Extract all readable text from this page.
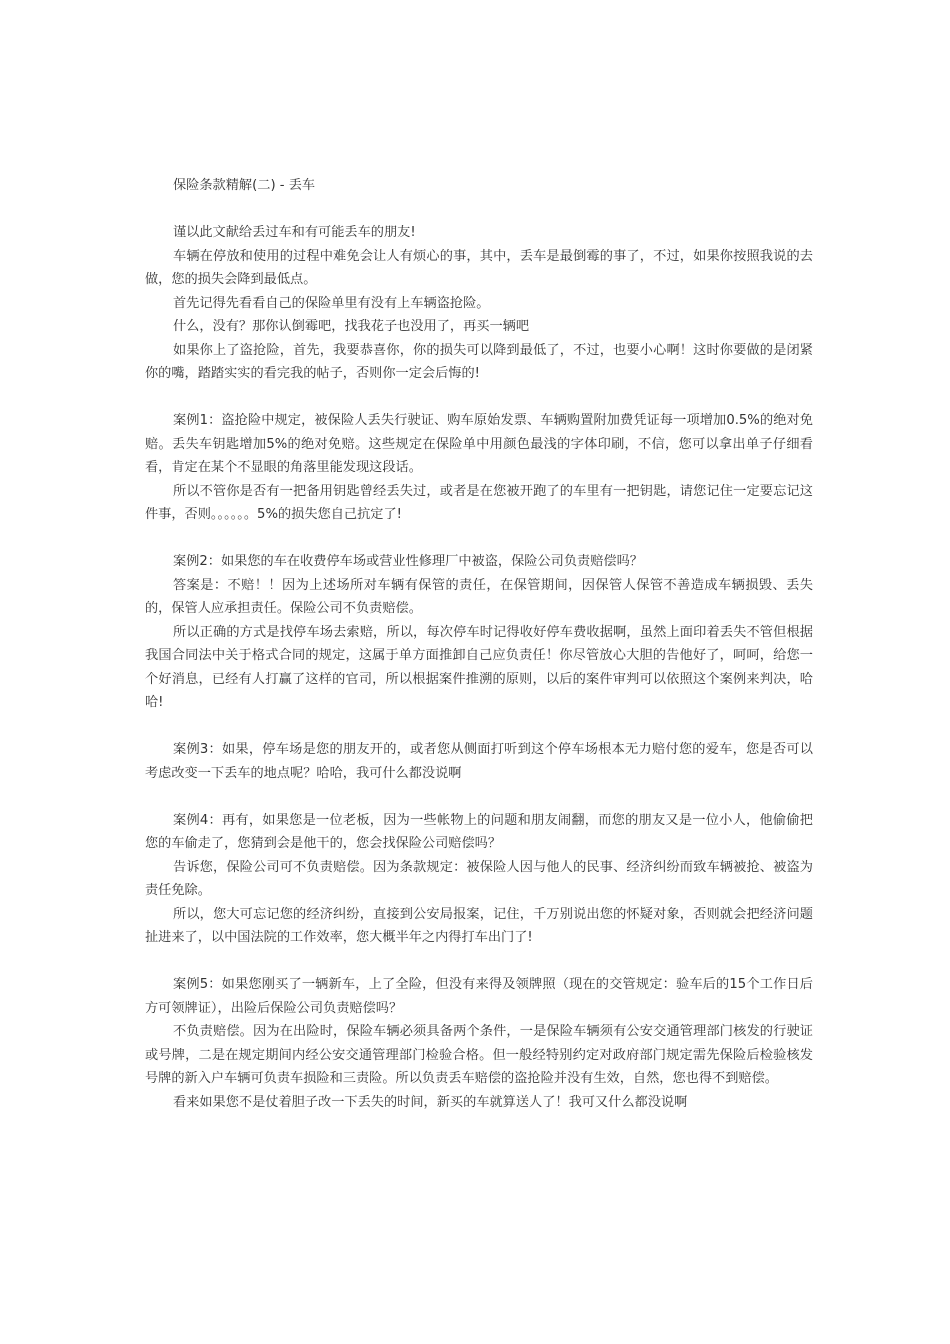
保险条款精解(二) - 丢车

谨以此文献给丢过车和有可能丢车的朋友!

车辆在停放和使用的过程中难免会让人有烦心的事，其中，丢车是最倒霉的事了，不过，如果你按照我说的去做，您的损失会降到最低点。

首先记得先看看自己的保险单里有没有上车辆盗抢险。

什么，没有？那你认倒霉吧，找我花子也没用了，再买一辆吧

如果你上了盗抢险，首先，我要恭喜你，你的损失可以降到最低了，不过，也要小心啊！这时你要做的是闭紧你的嘴，踏踏实实的看完我的帖子，否则你一定会后悔的!

案例1：盗抢险中规定，被保险人丢失行驶证、购车原始发票、车辆购置附加费凭证每一项增加0.5%的绝对免赔。丢失车钥匙增加5%的绝对免赔。这些规定在保险单中用颜色最浅的字体印刷，不信，您可以拿出单子仔细看看，肯定在某个不显眼的角落里能发现这段话。

所以不管你是否有一把备用钥匙曾经丢失过，或者是在您被开跑了的车里有一把钥匙，请您记住一定要忘记这件事，否则。。。。。。5%的损失您自己抗定了!

案例2：如果您的车在收费停车场或营业性修理厂中被盗，保险公司负责赔偿吗？

答案是：不赔！！因为上述场所对车辆有保管的责任，在保管期间，因保管人保管不善造成车辆损毁、丢失的，保管人应承担责任。保险公司不负责赔偿。

所以正确的方式是找停车场去索赔，所以，每次停车时记得收好停车费收据啊，虽然上面印着丢失不管但根据我国合同法中关于格式合同的规定，这属于单方面推卸自己应负责任！你尽管放心大胆的告他好了，呵呵，给您一个好消息，已经有人打赢了这样的官司，所以根据案件推溯的原则，以后的案件审判可以依照这个案例来判决，哈哈!

案例3：如果，停车场是您的朋友开的，或者您从侧面打听到这个停车场根本无力赔付您的爱车，您是否可以考虑改变一下丢车的地点呢？哈哈，我可什么都没说啊

案例4：再有，如果您是一位老板，因为一些帐物上的问题和朋友闹翻，而您的朋友又是一位小人，他偷偷把您的车偷走了，您猜到会是他干的，您会找保险公司赔偿吗？

告诉您，保险公司可不负责赔偿。因为条款规定：被保险人因与他人的民事、经济纠纷而致车辆被抢、被盗为责任免除。

所以，您大可忘记您的经济纠纷，直接到公安局报案，记住，千万别说出您的怀疑对象，否则就会把经济问题扯进来了，以中国法院的工作效率，您大概半年之内得打车出门了!

案例5：如果您刚买了一辆新车，上了全险，但没有来得及领牌照（现在的交管规定：验车后的15个工作日后方可领牌证），出险后保险公司负责赔偿吗？

不负责赔偿。因为在出险时，保险车辆必须具备两个条件，一是保险车辆须有公安交通管理部门核发的行驶证或号牌，二是在规定期间内经公安交通管理部门检验合格。但一般经特别约定对政府部门规定需先保险后检验核发号牌的新入户车辆可负责车损险和三责险。所以负责丢车赔偿的盗抢险并没有生效，自然，您也得不到赔偿。

看来如果您不是仗着胆子改一下丢失的时间，新买的车就算送人了！我可又什么都没说啊
